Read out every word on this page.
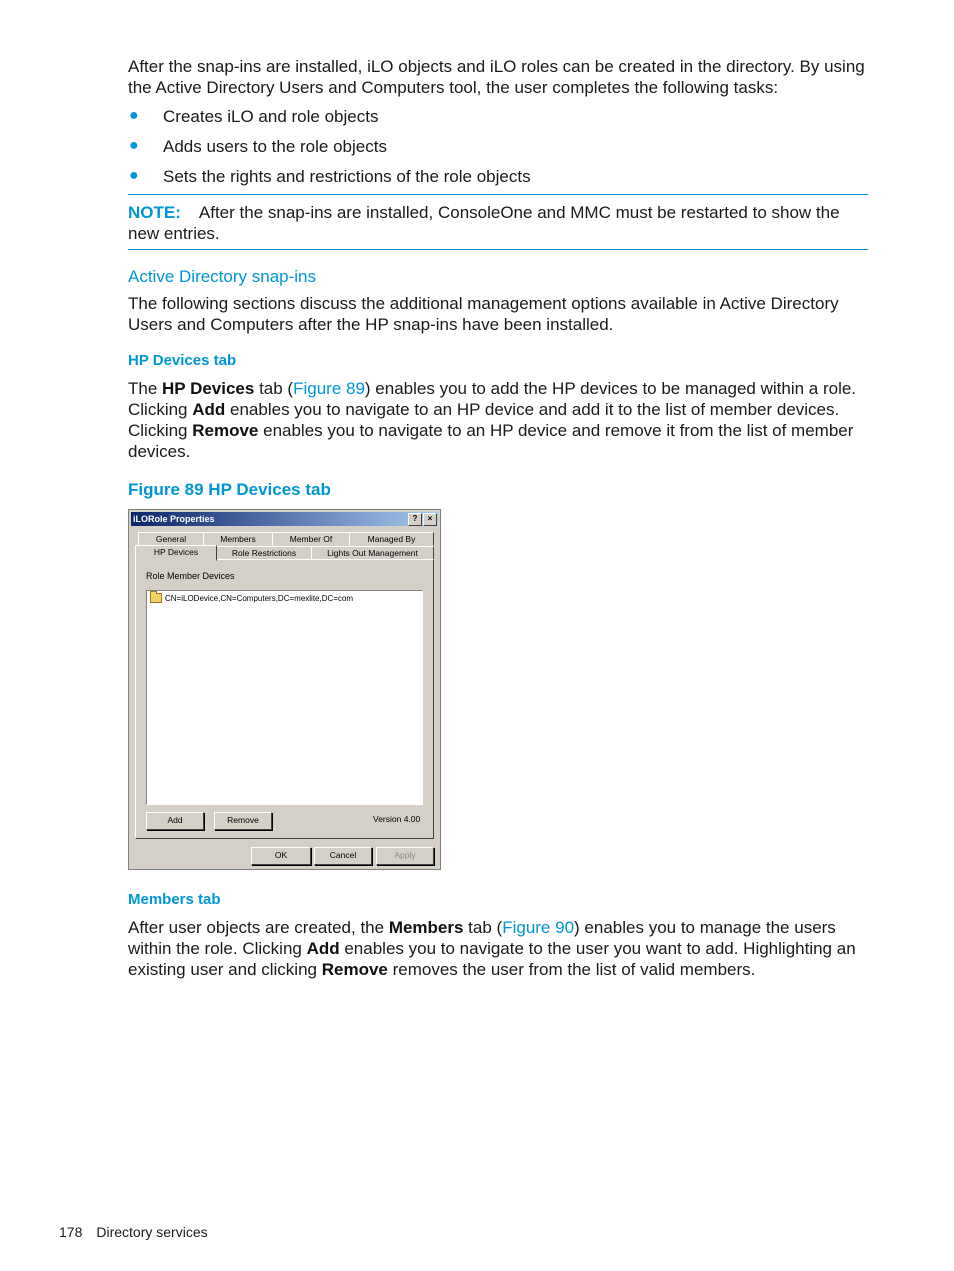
After the snap-ins are installed, iLO objects and iLO roles can be created in the directory. By using the Active Directory Users and Computers tool, the user completes the following tasks:

● Creates iLO and role objects
● Adds users to the role objects
● Sets the rights and restrictions of the role objects

NOTE: After the snap-ins are installed, ConsoleOne and MMC must be restarted to show the new entries.

Active Directory snap-ins

The following sections discuss the additional management options available in Active Directory Users and Computers after the HP snap-ins have been installed.

HP Devices tab

The HP Devices tab (Figure 89) enables you to add the HP devices to be managed within a role. Clicking Add enables you to navigate to an HP device and add it to the list of member devices. Clicking Remove enables you to navigate to an HP device and remove it from the list of member devices.

Figure 89 HP Devices tab
iLORole Properties	?	×
General	Members	Member Of	Managed By
HP Devices	Role Restrictions	Lights Out Management
Role Member Devices
CN=iLODevice,CN=Computers,DC=mexlite,DC=com
Add	Remove	Version 4.00
OK	Cancel	Apply
Members tab

After user objects are created, the Members tab (Figure 90) enables you to manage the users within the role. Clicking Add enables you to navigate to the user you want to add. Highlighting an existing user and clicking Remove removes the user from the list of valid members.

178 Directory services
